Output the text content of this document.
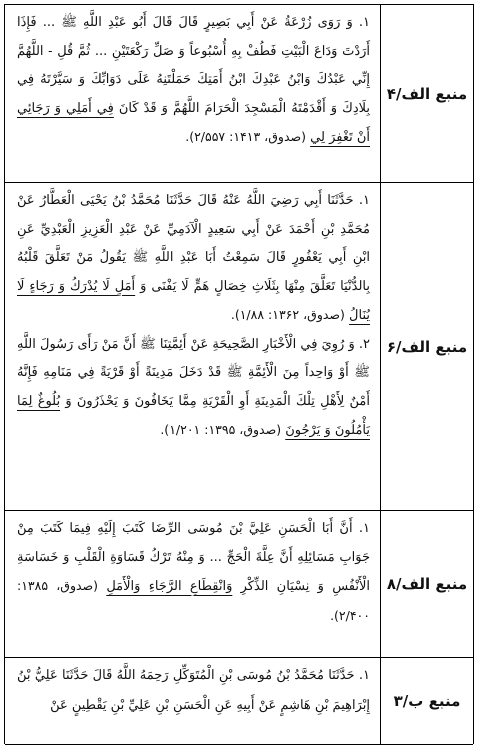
منبع الف/۴

۱. وَ رَوَى زُرْعَةُ عَنْ أَبِي بَصِيرٍ قَالَ قَالَ أَبُو عَبْدِ اللَّهِ ﷺ ... فَإِذَا أَرَدْتَ وَدَاعَ الْبَيْتِ فَطُفْ بِهِ أُسْبُوعاً وَ صَلِّ رَكْعَتَيْنِ ... ثُمَّ قُلِ - اللَّهُمَّ إِنِّي عَبْدُكَ وَابْنُ عَبْدِكَ ابْنُ أَمَتِكَ حَمَلْتَنِهُ عَلَى دَوَابِّكَ وَ سَيَّرْتَهُ فِي بِلَادِكَ وَ أَقْدَمْتَهُ الْمَسْجِدَ الْحَرَامَ اللَّهُمَّ وَ قَدْ كَانَ فِي أَمَلِي وَ رَجَائِي أَنْ تَغْفِرَ لِي (صدوق، ۱۴۱۳: ۲/۵۵۷).

منبع الف/۶

۱. حَدَّثَنَا أَبِي رَضِيَ اللَّهُ عَنْهُ قَالَ حَدَّثَنَا مُحَمَّدُ بْنُ يَحْيَى الْعَطَّارُ عَنْ مُحَمَّدِ بْنِ أَحْمَدَ عَنْ أَبِي سَعِيدٍ الْآدَمِيِّ عَنْ عَبْدِ الْعَزِيزِ الْعَبْدِيِّ عَنِ ابْنِ أَبِي يَعْفُورٍ قَالَ سَمِعْتُ أَبَا عَبْدِ اللَّهِ ﷺ يَقُولُ مَنْ تَعَلَّقَ قَلْبُهُ بِالدُّنْيَا تَعَلَّقَ مِنْهَا بِثَلَاثِ خِصَالٍ هَمٍّ لَا يَفْنَى وَ أَمَلٍ لَا يُدْرَكُ وَ رَجَاءٍ لَا يُنَالُ (صدوق، ۱۳۶۲: ۱/۸۸).

۲. وَ رُوِيَ فِي الْأَخْبَارِ الصَّحِيحَةِ عَنْ أَئِمَّتِنَا ﷺ أَنَّ مَنْ رَأَى رَسُولَ اللَّهِ ﷺ أَوْ وَاحِداً مِنَ الْأَئِمَّةِ ﷺ قَدْ دَخَلَ مَدِينَةً أَوْ قَرْيَةً فِي مَنَامِهِ فَإِنَّهُ أَمْنٌ لِأَهْلِ تِلْكَ الْمَدِينَةِ أَوِ الْقَرْيَةِ مِمَّا يَخَافُونَ وَ يَحْذَرُونَ وَ بُلُوغٌ لِمَا يَأْمُلُونَ وَ يَرْجُونَ (صدوق، ۱۳۹۵: ۱/۲۰۱).

منبع الف/۸

۱. أَنَّ أَبَا الْحَسَنِ عَلِيَّ بْنَ مُوسَى الرِّضَا كَتَبَ إِلَيْهِ فِيمَا كَتَبَ مِنْ جَوَابِ مَسَائِلِهِ أَنَّ عِلَّةَ الْحَجِّ ... وَ مِنْهُ تَرْكُ قَسَاوَةِ الْقَلْبِ وَ خَسَاسَةِ الْأَنْفُسِ وَ نِسْيَانِ الذِّكْرِ وَانْقِطَاعِ الرَّجَاءِ وَالْأَمَلِ (صدوق، ۱۳۸۵: ۲/۴۰۰).

منبع ب/۳

۱. حَدَّثَنَا مُحَمَّدُ بْنُ مُوسَى بْنِ الْمُتَوَكِّلِ رَحِمَهُ اللَّهُ قَالَ حَدَّثَنَا عَلِيُّ بْنُ إِبْرَاهِيمَ بْنِ هَاشِمٍ عَنْ أَبِيهِ عَنِ الْحَسَنِ بْنِ عَلِيِّ بْنِ يَقْطِينٍ عَنْ
